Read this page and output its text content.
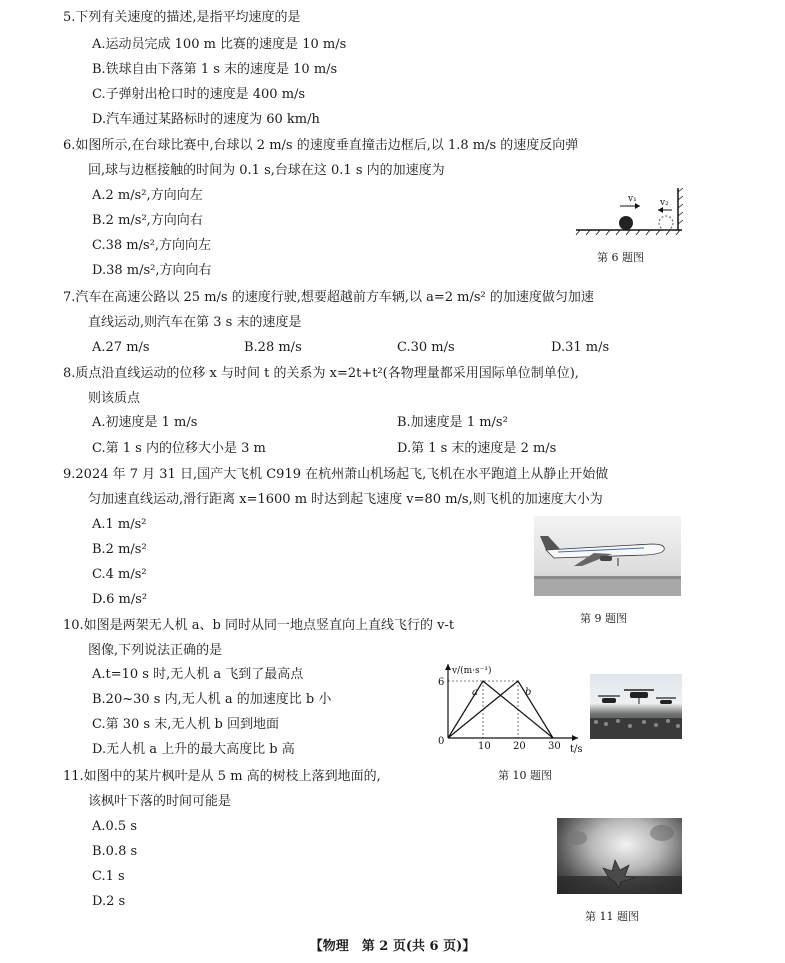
5.下列有关速度的描述,是指平均速度的是
A.运动员完成 100 m 比赛的速度是 10 m/s
B.铁球自由下落第 1 s 末的速度是 10 m/s
C.子弹射出枪口时的速度是 400 m/s
D.汽车通过某路标时的速度为 60 km/h
6.如图所示,在台球比赛中,台球以 2 m/s 的速度垂直撞击边框后,以 1.8 m/s 的速度反向弹
回,球与边框接触的时间为 0.1 s,台球在这 0.1 s 内的加速度为
A.2 m/s²,方向向左
B.2 m/s²,方向向右
C.38 m/s²,方向向左
D.38 m/s²,方向向右
v₁	v₂
第 6 题图
7.汽车在高速公路以 25 m/s 的速度行驶,想要超越前方车辆,以 a=2 m/s² 的加速度做匀加速
直线运动,则汽车在第 3 s 末的速度是
A.27 m/s	B.28 m/s	C.30 m/s	D.31 m/s
8.质点沿直线运动的位移 x 与时间 t 的关系为 x=2t+t²(各物理量都采用国际单位制单位),
则该质点
A.初速度是 1 m/s	B.加速度是 1 m/s²
C.第 1 s 内的位移大小是 3 m	D.第 1 s 末的速度是 2 m/s
9.2024 年 7 月 31 日,国产大飞机 C919 在杭州萧山机场起飞,飞机在水平跑道上从静止开始做
匀加速直线运动,滑行距离 x=1600 m 时达到起飞速度 v=80 m/s,则飞机的加速度大小为
A.1 m/s²
B.2 m/s²
C.4 m/s²
D.6 m/s²
第 9 题图
10.如图是两架无人机 a、b 同时从同一地点竖直向上直线飞行的 v-t
图像,下列说法正确的是
A.t=10 s 时,无人机 a 飞到了最高点
B.20~30 s 内,无人机 a 的加速度比 b 小
C.第 30 s 末,无人机 b 回到地面
D.无人机 a 上升的最大高度比 b 高
a	b
10 20 30
6
v/(m·s⁻¹)
t/s
0
第 10 题图
11.如图中的某片枫叶是从 5 m 高的树枝上落到地面的,
该枫叶下落的时间可能是
A.0.5 s
B.0.8 s
C.1 s
D.2 s
第 11 题图
【物理　第 2 页(共 6 页)】
